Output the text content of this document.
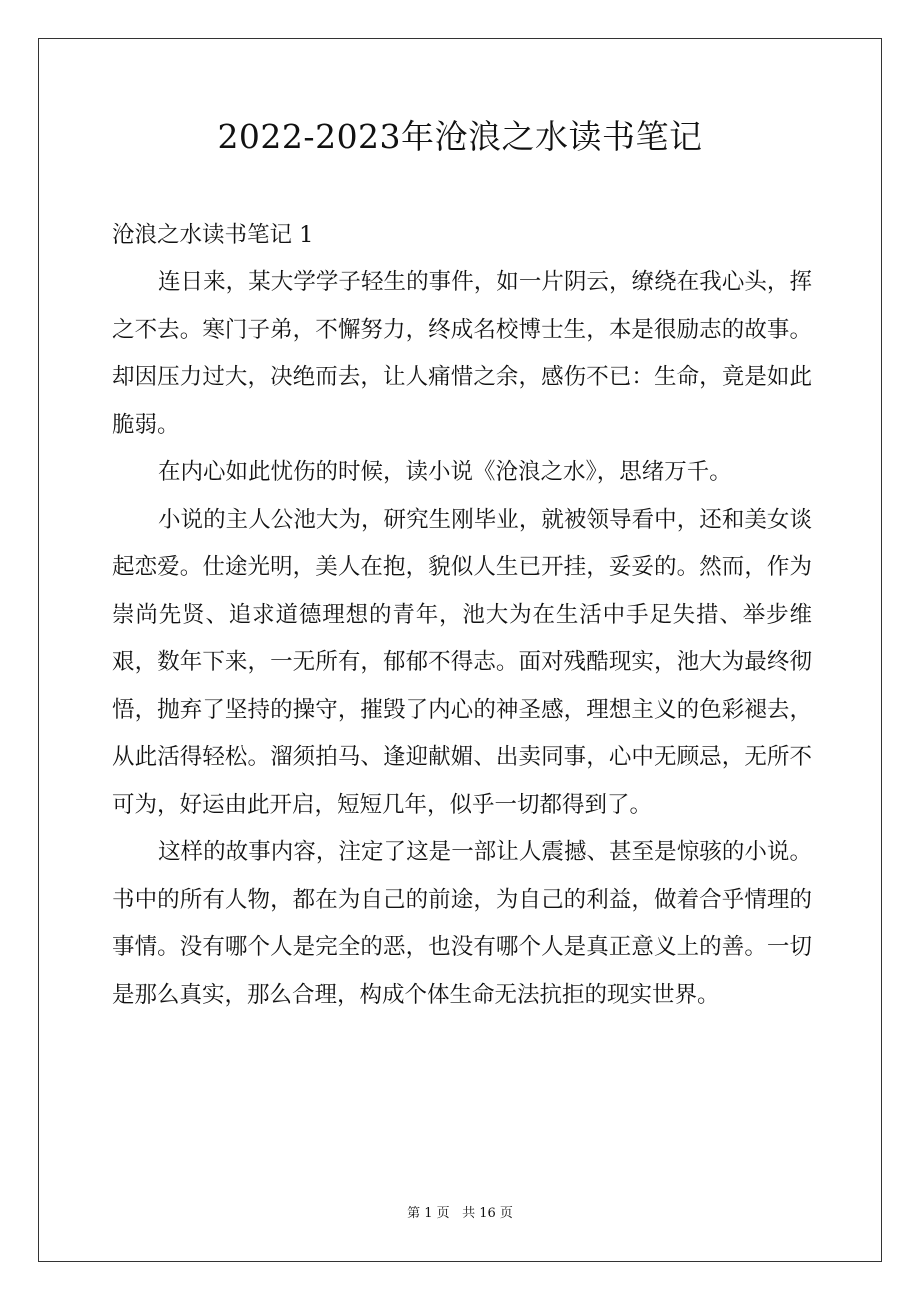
2022-2023年沧浪之水读书笔记

沧浪之水读书笔记 1

连日来，某大学学子轻生的事件，如一片阴云，缭绕在我心头，挥之不去。寒门子弟，不懈努力，终成名校博士生，本是很励志的故事。却因压力过大，决绝而去，让人痛惜之余，感伤不已：生命，竟是如此脆弱。

在内心如此忧伤的时候，读小说《沧浪之水》，思绪万千。

小说的主人公池大为，研究生刚毕业，就被领导看中，还和美女谈起恋爱。仕途光明，美人在抱，貌似人生已开挂，妥妥的。然而，作为崇尚先贤、追求道德理想的青年，池大为在生活中手足失措、举步维艰，数年下来，一无所有，郁郁不得志。面对残酷现实，池大为最终彻悟，抛弃了坚持的操守，摧毁了内心的神圣感，理想主义的色彩褪去，从此活得轻松。溜须拍马、逢迎献媚、出卖同事，心中无顾忌，无所不可为，好运由此开启，短短几年，似乎一切都得到了。

这样的故事内容，注定了这是一部让人震撼、甚至是惊骇的小说。书中的所有人物，都在为自己的前途，为自己的利益，做着合乎情理的事情。没有哪个人是完全的恶，也没有哪个人是真正意义上的善。一切是那么真实，那么合理，构成个体生命无法抗拒的现实世界。

第 1 页 共 16 页
